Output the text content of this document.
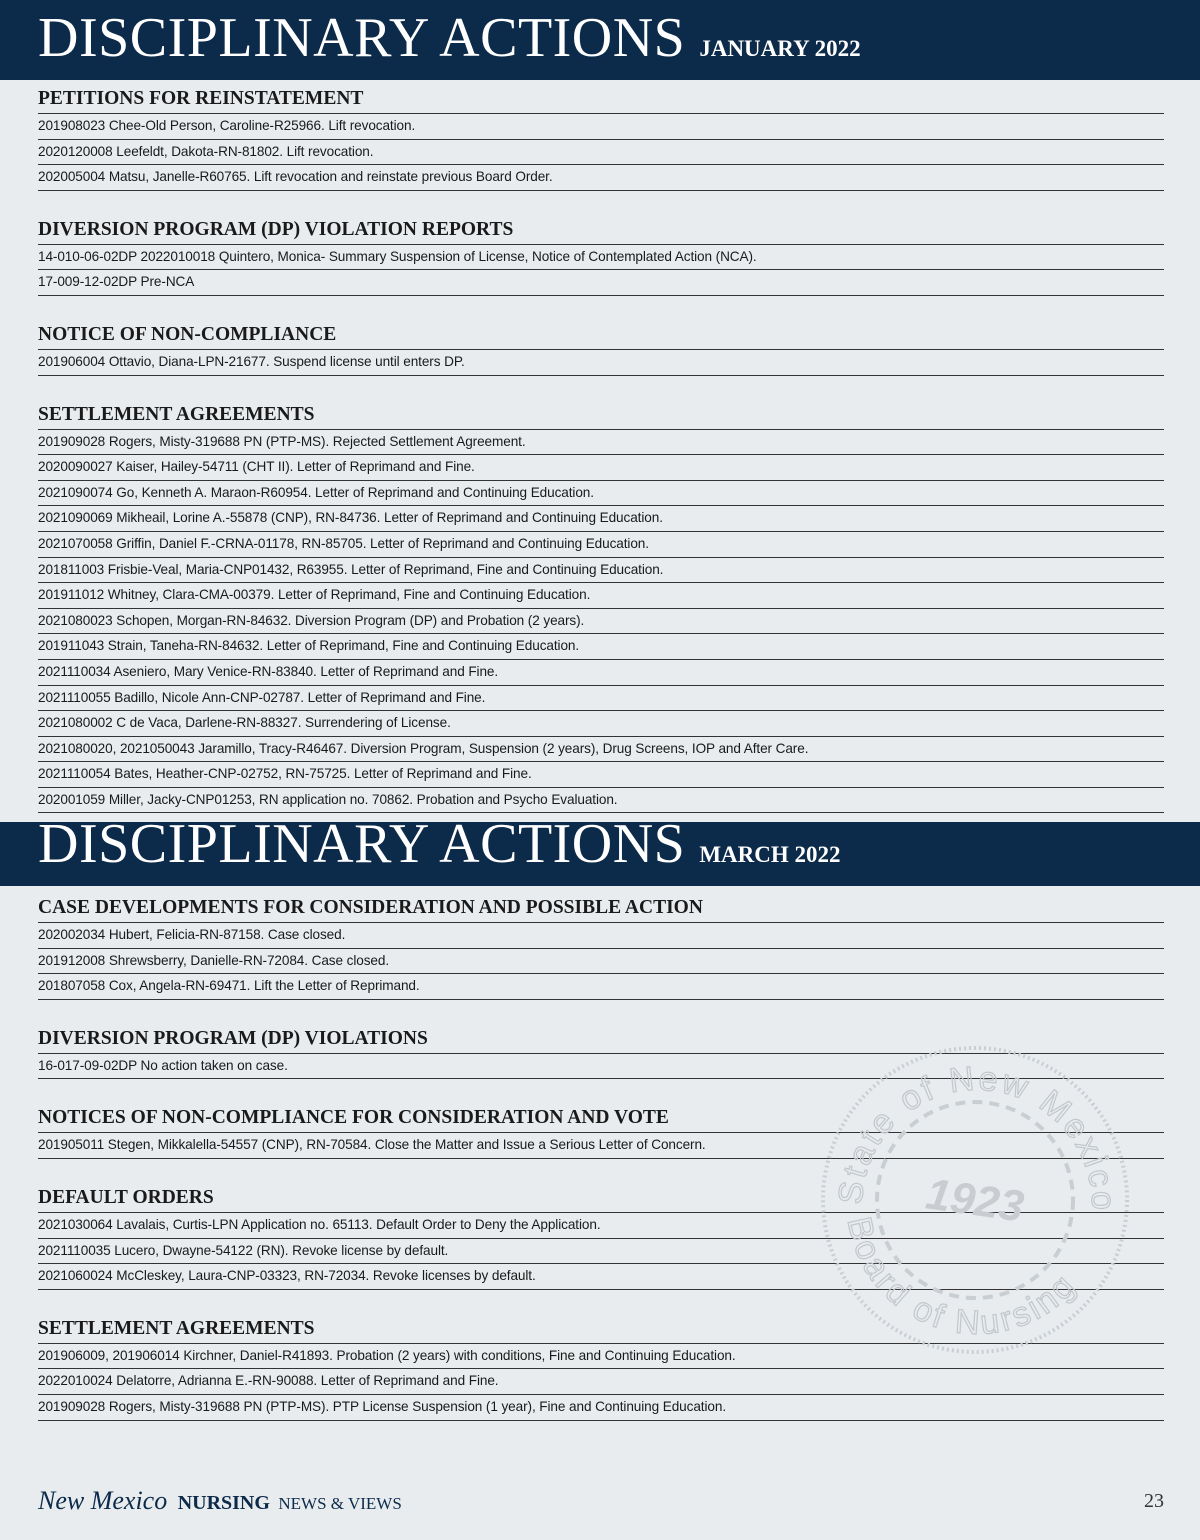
DISCIPLINARY ACTIONS JANUARY 2022
PETITIONS FOR REINSTATEMENT
201908023 Chee-Old Person, Caroline-R25966. Lift revocation.
2020120008 Leefeldt, Dakota-RN-81802. Lift revocation.
202005004 Matsu, Janelle-R60765. Lift revocation and reinstate previous Board Order.
DIVERSION PROGRAM (DP) VIOLATION REPORTS
14-010-06-02DP 2022010018 Quintero, Monica- Summary Suspension of License, Notice of Contemplated Action (NCA).
17-009-12-02DP Pre-NCA
NOTICE OF NON-COMPLIANCE
201906004 Ottavio, Diana-LPN-21677. Suspend license until enters DP.
SETTLEMENT AGREEMENTS
201909028 Rogers, Misty-319688 PN (PTP-MS). Rejected Settlement Agreement.
2020090027 Kaiser, Hailey-54711 (CHT II). Letter of Reprimand and Fine.
2021090074 Go, Kenneth A. Maraon-R60954. Letter of Reprimand and Continuing Education.
2021090069 Mikheail, Lorine A.-55878 (CNP), RN-84736. Letter of Reprimand and Continuing Education.
2021070058 Griffin, Daniel F.-CRNA-01178, RN-85705. Letter of Reprimand and Continuing Education.
201811003 Frisbie-Veal, Maria-CNP01432, R63955. Letter of Reprimand, Fine and Continuing Education.
201911012 Whitney, Clara-CMA-00379. Letter of Reprimand, Fine and Continuing Education.
2021080023 Schopen, Morgan-RN-84632. Diversion Program (DP) and Probation (2 years).
201911043 Strain, Taneha-RN-84632. Letter of Reprimand, Fine and Continuing Education.
2021110034 Aseniero, Mary Venice-RN-83840. Letter of Reprimand and Fine.
2021110055 Badillo, Nicole Ann-CNP-02787. Letter of Reprimand and Fine.
2021080002 C de Vaca, Darlene-RN-88327. Surrendering of License.
2021080020, 2021050043 Jaramillo, Tracy-R46467. Diversion Program, Suspension (2 years), Drug Screens, IOP and After Care.
2021110054 Bates, Heather-CNP-02752, RN-75725. Letter of Reprimand and Fine.
202001059 Miller, Jacky-CNP01253, RN application no. 70862. Probation and Psycho Evaluation.
DISCIPLINARY ACTIONS MARCH 2022
CASE DEVELOPMENTS FOR CONSIDERATION AND POSSIBLE ACTION
202002034 Hubert, Felicia-RN-87158. Case closed.
201912008 Shrewsberry, Danielle-RN-72084. Case closed.
201807058 Cox, Angela-RN-69471. Lift the Letter of Reprimand.
DIVERSION PROGRAM (DP) VIOLATIONS
16-017-09-02DP No action taken on case.
NOTICES OF NON-COMPLIANCE FOR CONSIDERATION AND VOTE
201905011 Stegen, Mikkalella-54557 (CNP), RN-70584. Close the Matter and Issue a Serious Letter of Concern.
DEFAULT ORDERS
2021030064 Lavalais, Curtis-LPN Application no. 65113. Default Order to Deny the Application.
2021110035 Lucero, Dwayne-54122 (RN). Revoke license by default.
2021060024 McCleskey, Laura-CNP-03323, RN-72034. Revoke licenses by default.
SETTLEMENT AGREEMENTS
201906009, 201906014 Kirchner, Daniel-R41893. Probation (2 years) with conditions, Fine and Continuing Education.
2022010024 Delatorre, Adrianna E.-RN-90088. Letter of Reprimand and Fine.
201909028 Rogers, Misty-319688 PN (PTP-MS). PTP License Suspension (1 year), Fine and Continuing Education.
State of New Mexico
Board of Nursing
1923
New Mexico NURSING NEWS & VIEWS	23
